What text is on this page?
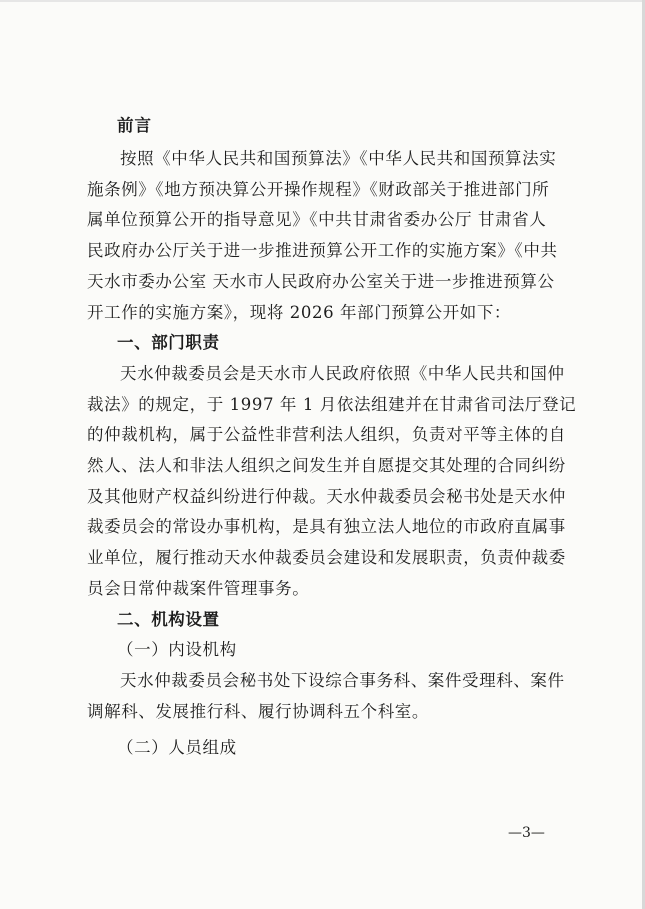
前言
按照《中华人民共和国预算法》《中华人民共和国预算法实
施条例》《地方预决算公开操作规程》《财政部关于推进部门所
属单位预算公开的指导意见》《中共甘肃省委办公厅 甘肃省人
民政府办公厅关于进一步推进预算公开工作的实施方案》《中共
天水市委办公室 天水市人民政府办公室关于进一步推进预算公
开工作的实施方案》，现将 2026 年部门预算公开如下：
一、部门职责
天水仲裁委员会是天水市人民政府依照《中华人民共和国仲
裁法》的规定，于 1997 年 1 月依法组建并在甘肃省司法厅登记
的仲裁机构，属于公益性非营利法人组织，负责对平等主体的自
然人、法人和非法人组织之间发生并自愿提交其处理的合同纠纷
及其他财产权益纠纷进行仲裁。天水仲裁委员会秘书处是天水仲
裁委员会的常设办事机构，是具有独立法人地位的市政府直属事
业单位，履行推动天水仲裁委员会建设和发展职责，负责仲裁委
员会日常仲裁案件管理事务。
二、机构设置
（一）内设机构
天水仲裁委员会秘书处下设综合事务科、案件受理科、案件
调解科、发展推行科、履行协调科五个科室。
（二）人员组成
—3—
